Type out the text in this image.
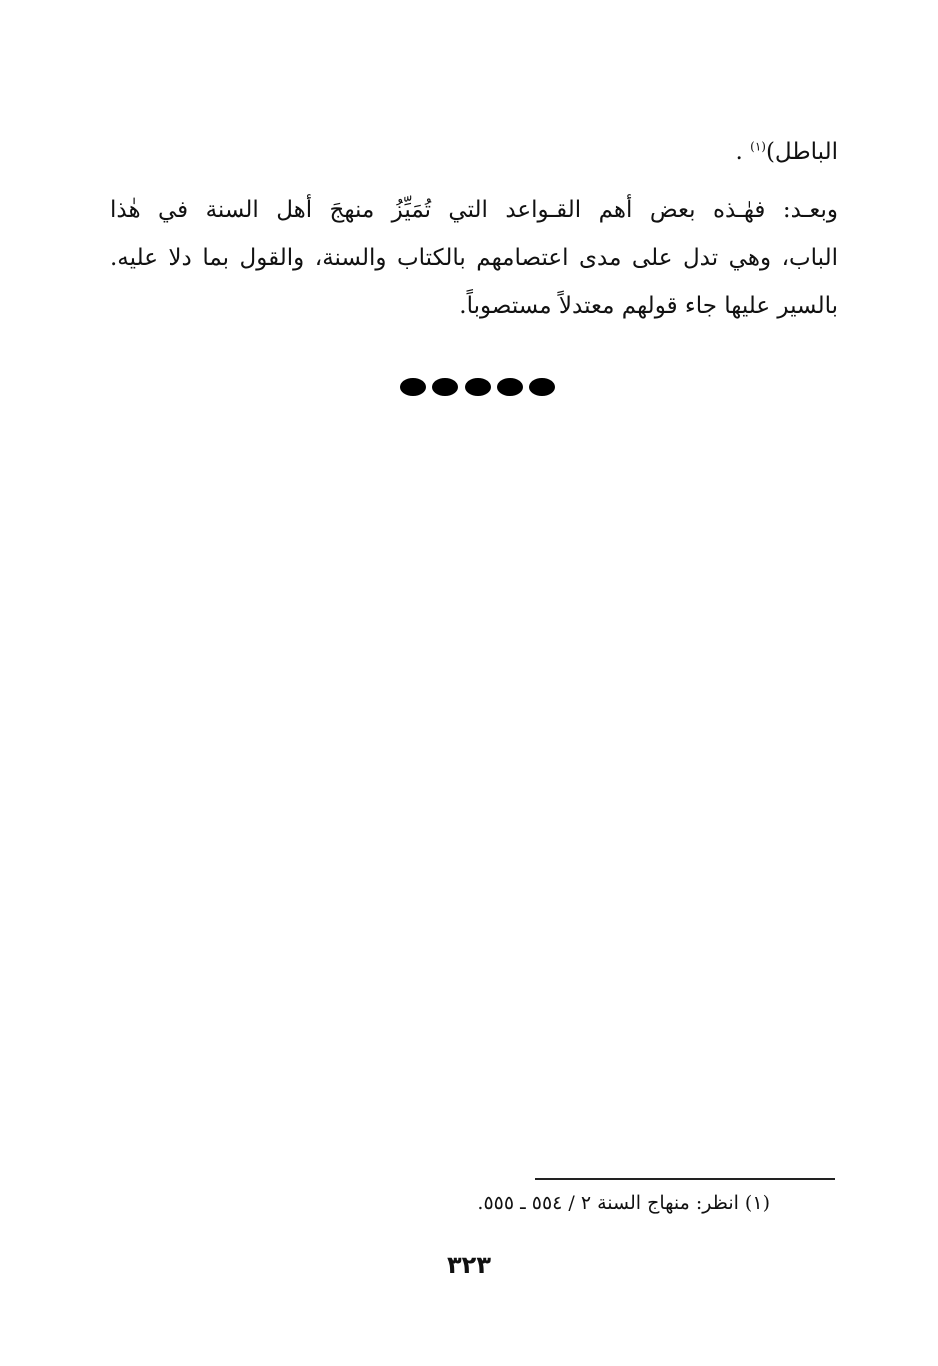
الباطل)$^{(١)}$ .
وبعـد: فهٰـذه بعض أهم القـواعد التي تُمَيِّزُ منهجَ أهل السنة في هٰذا
الباب، وهي تدل على مدى اعتصامهم بالكتاب والسنة، والقول بما دلا عليه.
بالسير عليها جاء قولهم معتدلاً مستصوباً.
(١) انظر: منهاج السنة ٢ / ٥٥٤ ـ ٥٥٥.
٣٢٣
